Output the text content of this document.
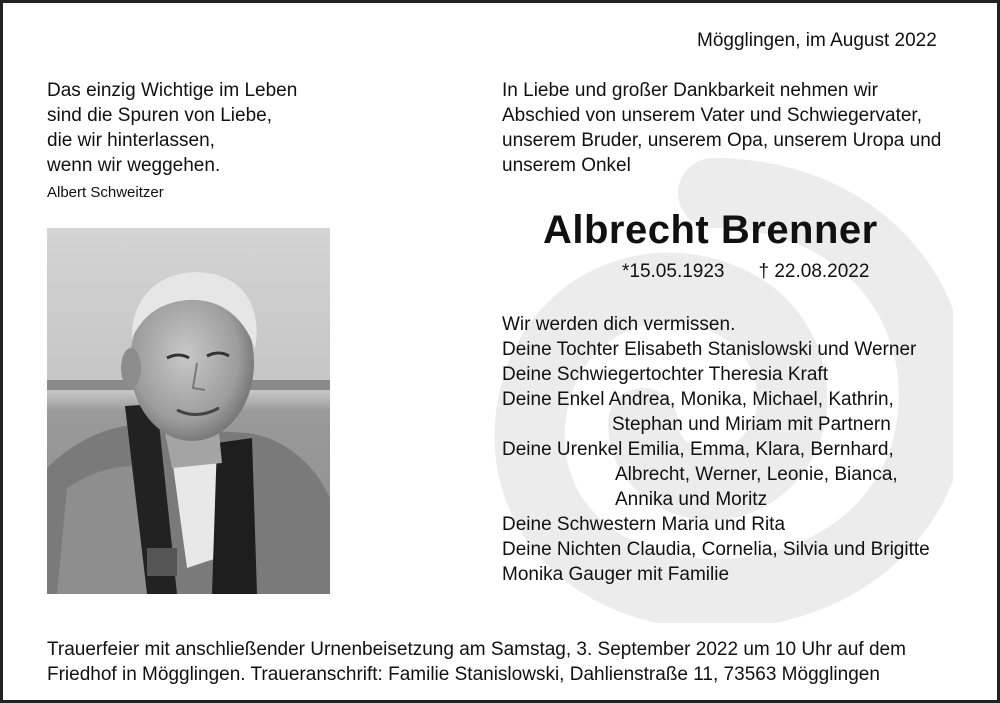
Mögglingen, im August 2022
Das einzig Wichtige im Leben
sind die Spuren von Liebe,
die wir hinterlassen,
wenn wir weggehen.
Albert Schweitzer
In Liebe und großer Dankbarkeit nehmen wir
Abschied von unserem Vater und Schwiegervater,
unserem Bruder, unserem Opa, unserem Uropa und
unserem Onkel
Albrecht Brenner
*15.05.1923 † 22.08.2022
Wir werden dich vermissen.
Deine Tochter Elisabeth Stanislowski und Werner
Deine Schwiegertochter Theresia Kraft
Deine Enkel Andrea, Monika, Michael, Kathrin,
Stephan und Miriam mit Partnern
Deine Urenkel Emilia, Emma, Klara, Bernhard,
Albrecht, Werner, Leonie, Bianca,
Annika und Moritz
Deine Schwestern Maria und Rita
Deine Nichten Claudia, Cornelia, Silvia und Brigitte
Monika Gauger mit Familie
Trauerfeier mit anschließender Urnenbeisetzung am Samstag, 3. September 2022 um 10 Uhr auf dem
Friedhof in Mögglingen. Traueranschrift: Familie Stanislowski, Dahlienstraße 11, 73563 Mögglingen
